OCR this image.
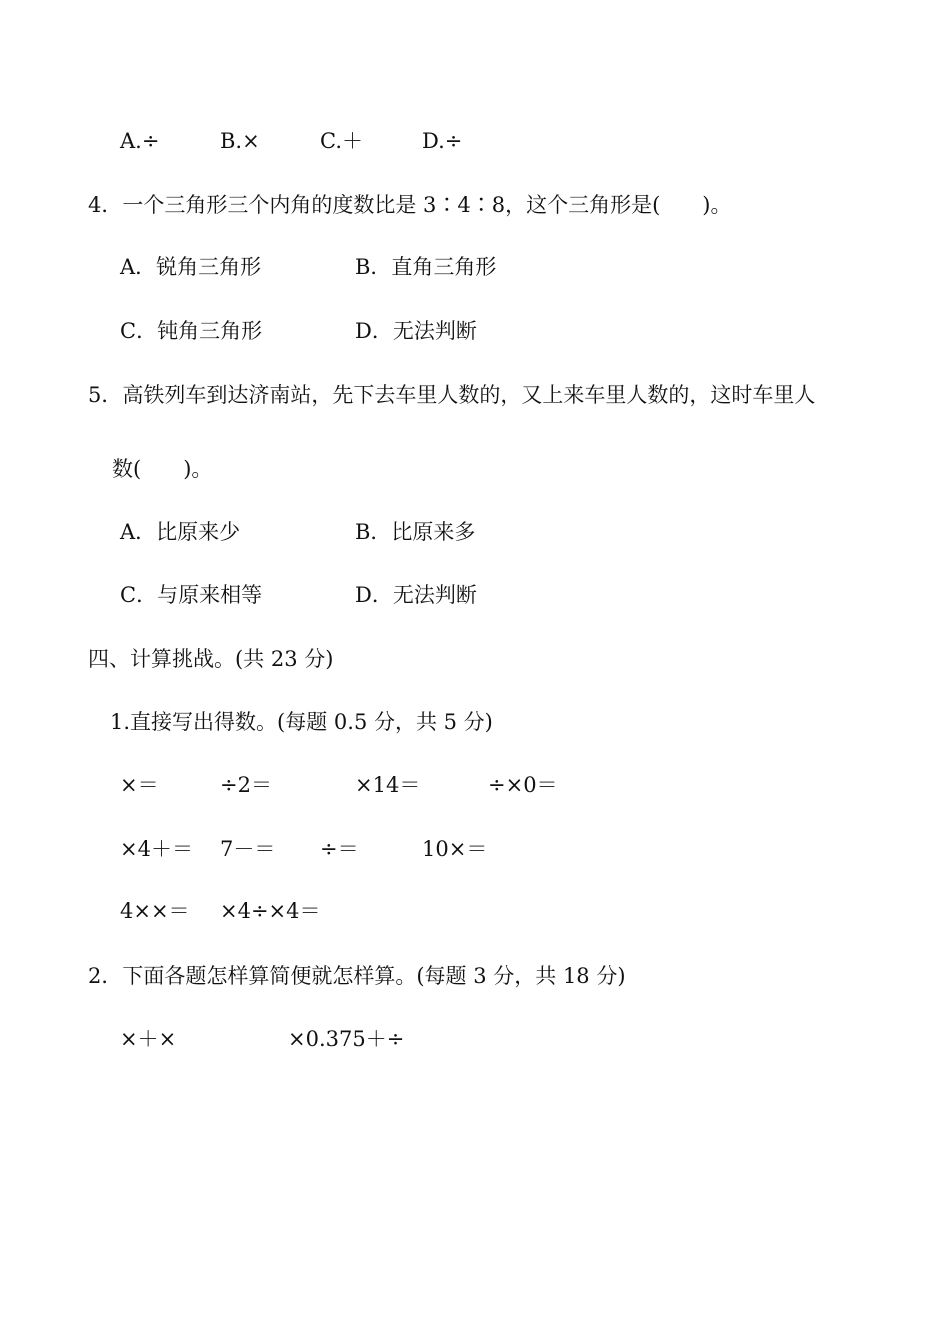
A.÷	B.×	C.＋	D.÷
4．一个三角形三个内角的度数比是 3∶4∶8，这个三角形是(　　)。
A．锐角三角形	B．直角三角形
C．钝角三角形	D．无法判断
5．高铁列车到达济南站，先下去车里人数的，又上来车里人数的，这时车里人
数(　　)。
A．比原来少	B．比原来多
C．与原来相等	D．无法判断
四、计算挑战。(共 23 分)
1.直接写出得数。(每题 0.5 分，共 5 分)
×＝	÷2＝	×14＝	÷×0＝
×4＋＝ 7－＝ ÷＝	10×＝
4××＝ ×4÷×4＝
2．下面各题怎样算简便就怎样算。(每题 3 分，共 18 分)
×＋×	×0.375＋÷
